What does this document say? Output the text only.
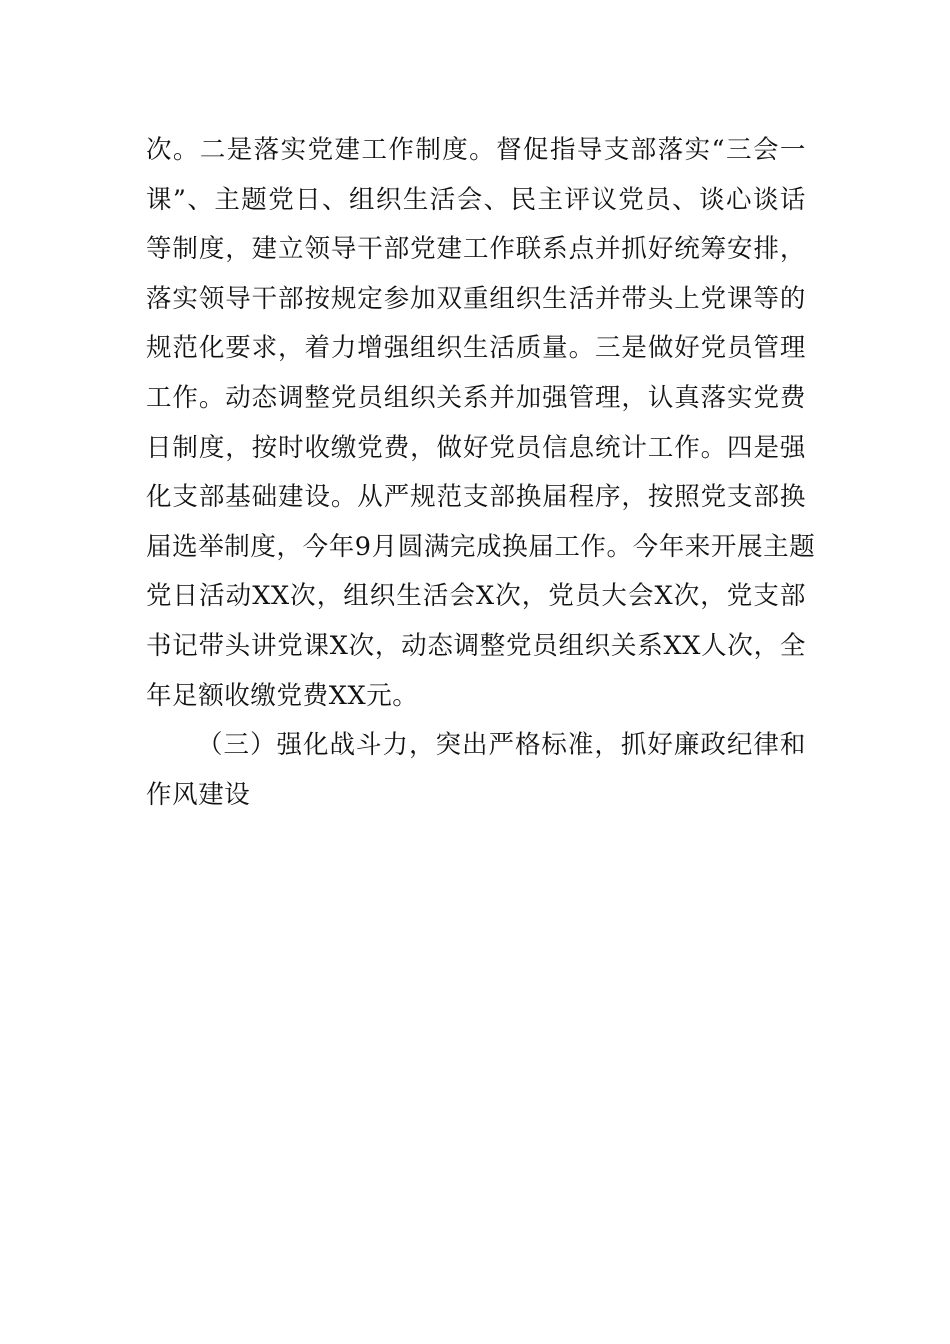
次。二是落实党建工作制度。督促指导支部落实“三会一
课”、主题党日、组织生活会、民主评议党员、谈心谈话
等制度，建立领导干部党建工作联系点并抓好统筹安排，
落实领导干部按规定参加双重组织生活并带头上党课等的
规范化要求，着力增强组织生活质量。三是做好党员管理
工作。动态调整党员组织关系并加强管理，认真落实党费
日制度，按时收缴党费，做好党员信息统计工作。四是强
化支部基础建设。从严规范支部换届程序，按照党支部换
届选举制度，今年9月圆满完成换届工作。今年来开展主题
党日活动XX次，组织生活会X次，党员大会X次，党支部
书记带头讲党课X次，动态调整党员组织关系XX人次，全
年足额收缴党费XX元。
（三）强化战斗力，突出严格标准，抓好廉政纪律和
作风建设
